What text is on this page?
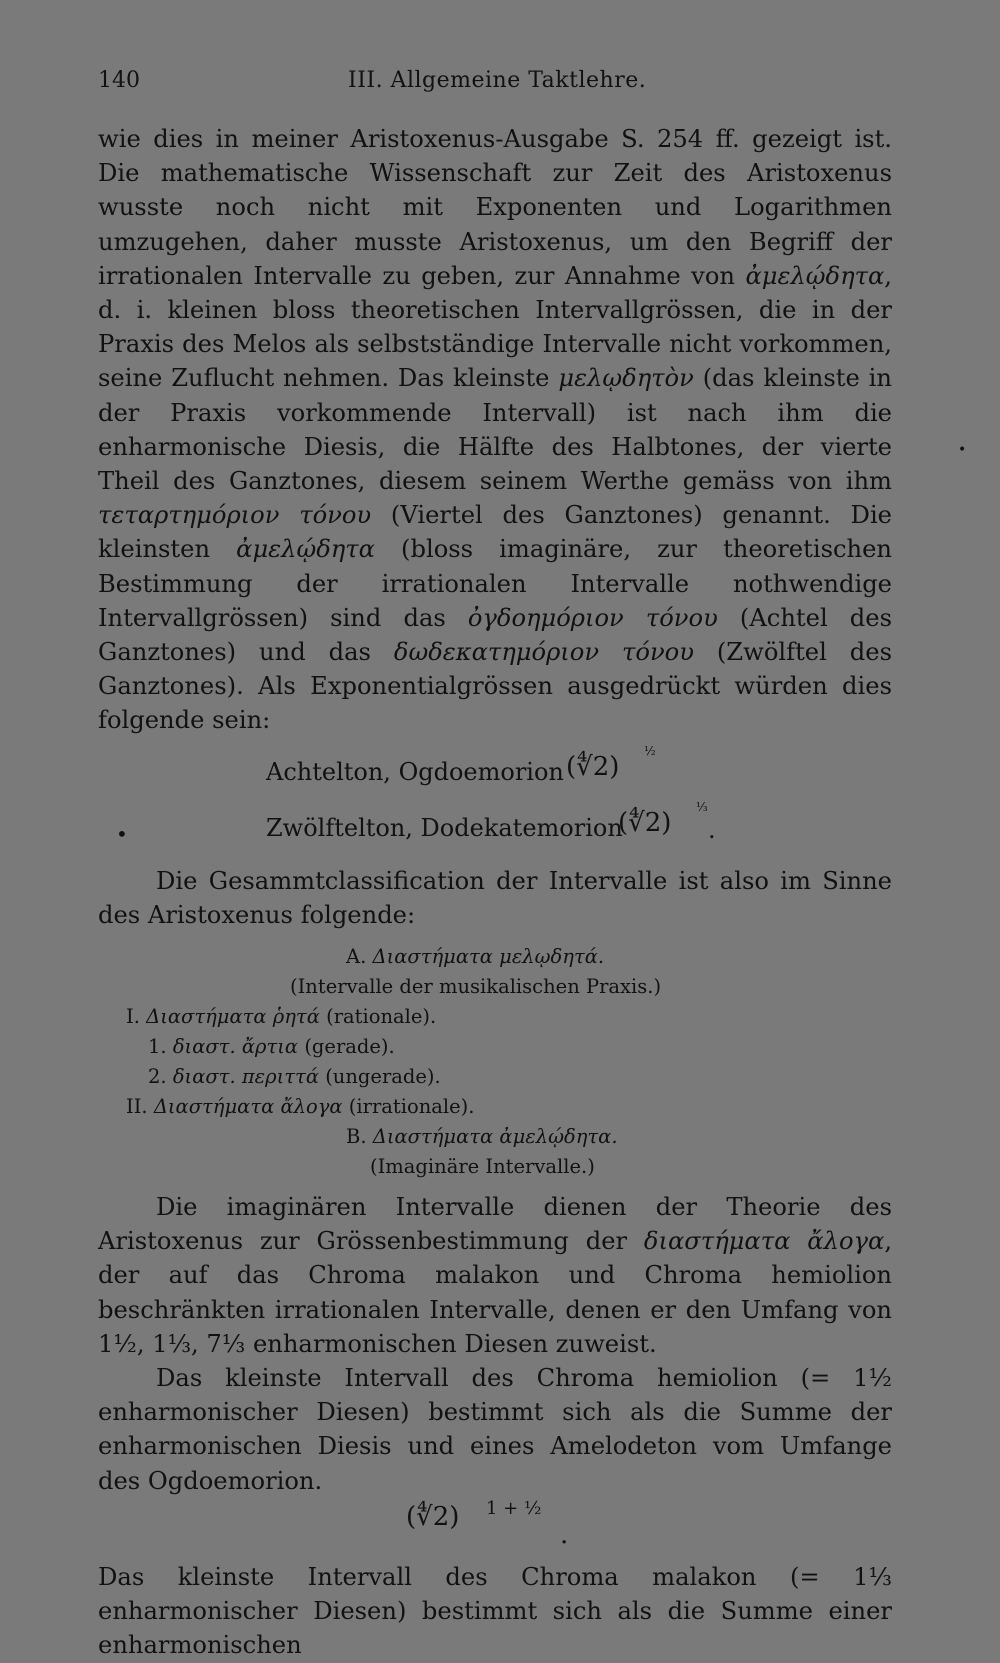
140	III. Allgemeine Taktlehre.

wie dies in meiner Aristoxenus-Ausgabe S. 254 ff. gezeigt ist. Die mathematische Wissenschaft zur Zeit des Aristoxenus wusste noch nicht mit Exponenten und Logarithmen umzugehen, daher musste Aristoxenus, um den Begriff der irrationalen Intervalle zu geben, zur Annahme von ἀμελῴδητα, d. i. kleinen bloss theoretischen Intervallgrössen, die in der Praxis des Melos als selbstständige Intervalle nicht vorkommen, seine Zuflucht nehmen. Das kleinste μελῳδητὸν (das kleinste in der Praxis vorkommende Intervall) ist nach ihm die enharmonische Diesis, die Hälfte des Halbtones, der vierte Theil des Ganztones, diesem seinem Werthe gemäss von ihm τεταρτημόριον τόνου (Viertel des Ganztones) genannt. Die kleinsten ἀμελῴδητα (bloss imaginäre, zur theoretischen Bestimmung der irrationalen Intervalle nothwendige Intervallgrössen) sind das ὀγδοημόριον τόνου (Achtel des Ganztones) und das δωδεκατημόριον τόνου (Zwölftel des Ganztones). Als Exponentialgrössen ausgedrückt würden dies folgende sein:

Achtelton, Ogdoemorion (∜2)
½
•	Zwölftelton, Dodekatemorion
(∜2)
⅓
.

Die Gesammtclassification der Intervalle ist also im Sinne des Aristoxenus folgende:

A. Διαστήματα μελῳδητά.
(Intervalle der musikalischen Praxis.)
I. Διαστήματα ῥητά (rationale).
1. διαστ. ἄρτια (gerade).
2. διαστ. περιττά (ungerade).
II. Διαστήματα ἄλογα (irrationale).
B. Διαστήματα ἀμελῴδητα.
(Imaginäre Intervalle.)

Die imaginären Intervalle dienen der Theorie des Aristoxenus zur Grössenbestimmung der διαστήματα ἄλογα, der auf das Chroma malakon und Chroma hemiolion beschränkten irrationalen Intervalle, denen er den Umfang von 1½, 1⅓, 7⅓ enharmonischen Diesen zuweist.

Das kleinste Intervall des Chroma hemiolion (= 1½ enharmonischer Diesen) bestimmt sich als die Summe der enharmonischen Diesis und eines Amelodeton vom Umfange des Ogdoemorion.

(∜2) 1 + ½
.

Das kleinste Intervall des Chroma malakon (= 1⅓ enharmonischer Diesen) bestimmt sich als die Summe einer enharmonischen

•
